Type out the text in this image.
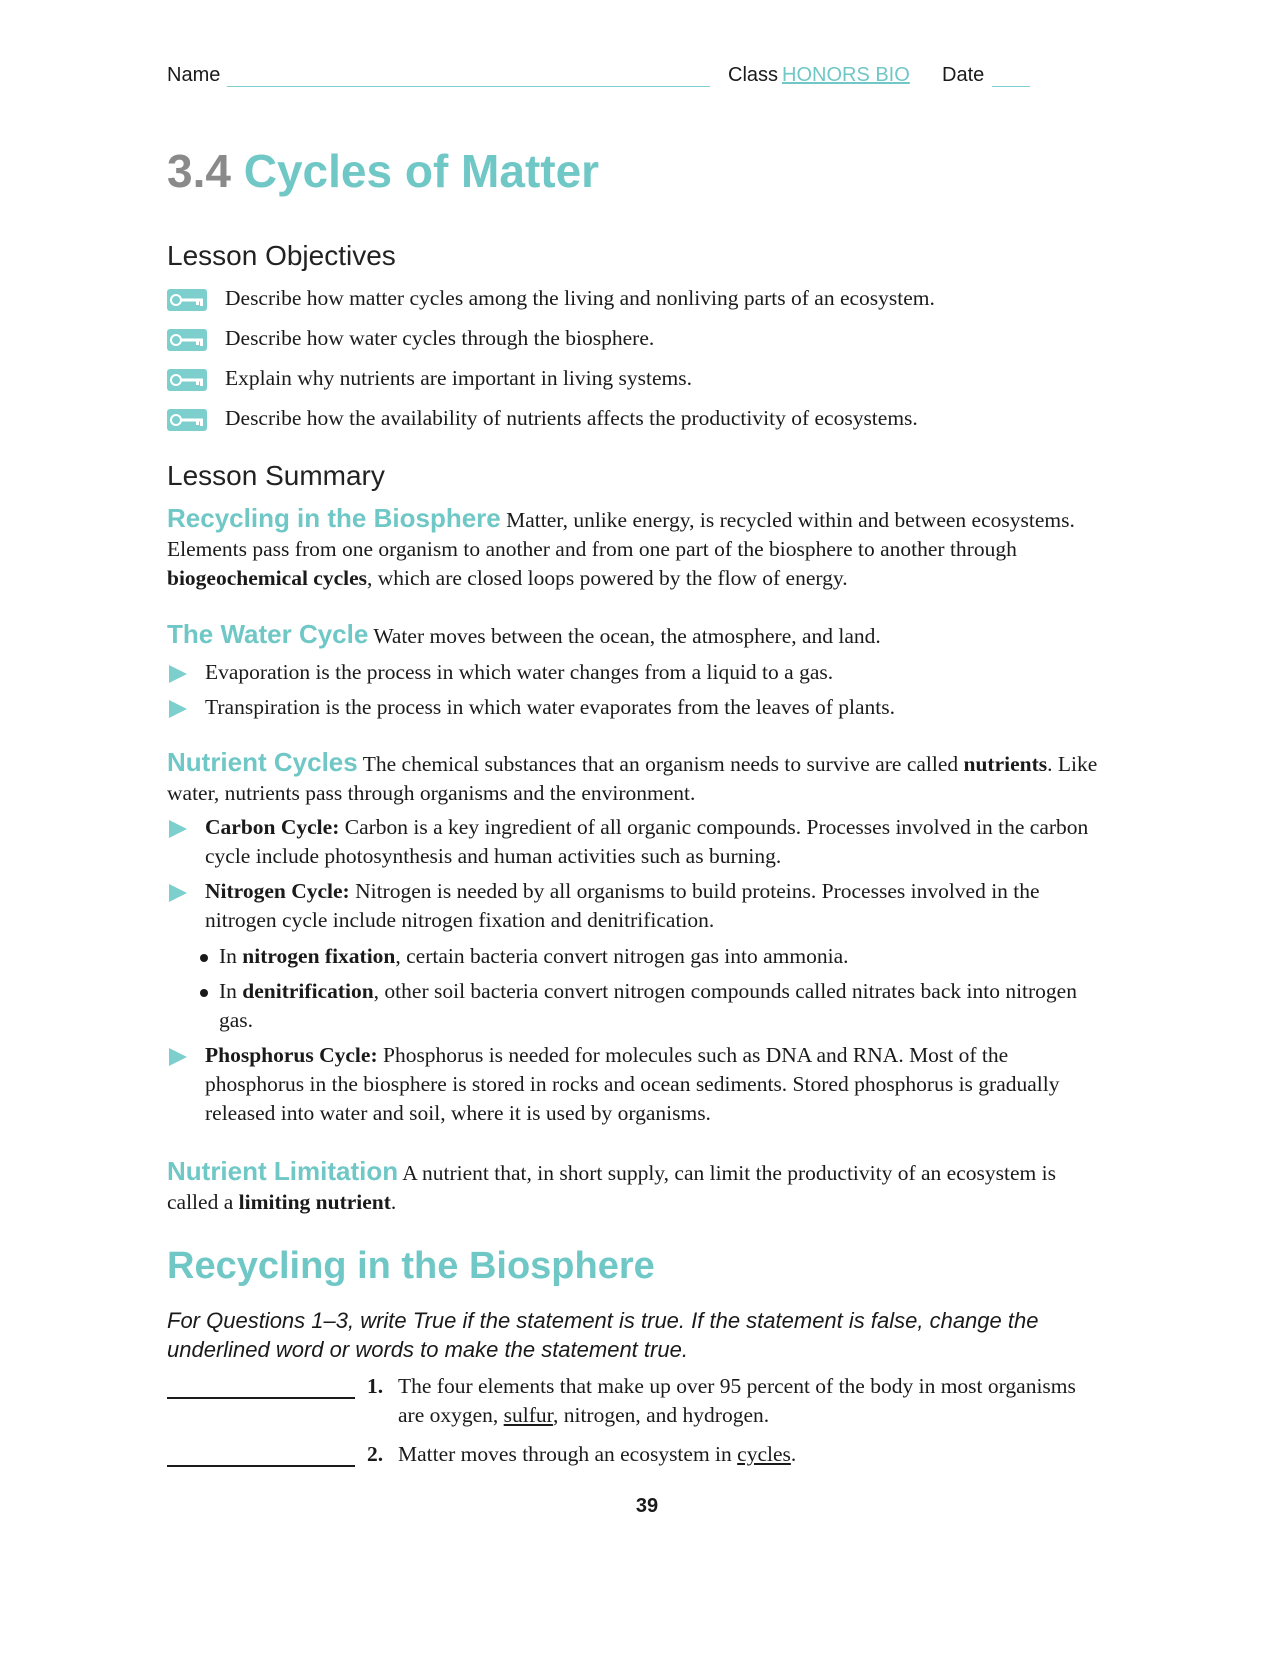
Name	Class HONORS BIO Date
3.4 Cycles of Matter
Lesson Objectives
Describe how matter cycles among the living and nonliving parts of an ecosystem.
Describe how water cycles through the biosphere.
Explain why nutrients are important in living systems.
Describe how the availability of nutrients affects the productivity of ecosystems.
Lesson Summary
Recycling in the Biosphere Matter, unlike energy, is recycled within and between ecosystems. Elements pass from one organism to another and from one part of the biosphere to another through biogeochemical cycles, which are closed loops powered by the flow of energy.
The Water Cycle Water moves between the ocean, the atmosphere, and land.
Evaporation is the process in which water changes from a liquid to a gas.
Transpiration is the process in which water evaporates from the leaves of plants.
Nutrient Cycles The chemical substances that an organism needs to survive are called nutrients. Like water, nutrients pass through organisms and the environment.
Carbon Cycle: Carbon is a key ingredient of all organic compounds. Processes involved in the carbon cycle include photosynthesis and human activities such as burning.
Nitrogen Cycle: Nitrogen is needed by all organisms to build proteins. Processes involved in the nitrogen cycle include nitrogen fixation and denitrification.
In nitrogen fixation, certain bacteria convert nitrogen gas into ammonia.
In denitrification, other soil bacteria convert nitrogen compounds called nitrates back into nitrogen gas.
Phosphorus Cycle: Phosphorus is needed for molecules such as DNA and RNA. Most of the phosphorus in the biosphere is stored in rocks and ocean sediments. Stored phosphorus is gradually released into water and soil, where it is used by organisms.
Nutrient Limitation A nutrient that, in short supply, can limit the productivity of an ecosystem is called a limiting nutrient.
Recycling in the Biosphere
For Questions 1–3, write True if the statement is true. If the statement is false, change the underlined word or words to make the statement true.
1. The four elements that make up over 95 percent of the body in most organisms are oxygen, sulfur, nitrogen, and hydrogen.
2. Matter moves through an ecosystem in cycles.
39
